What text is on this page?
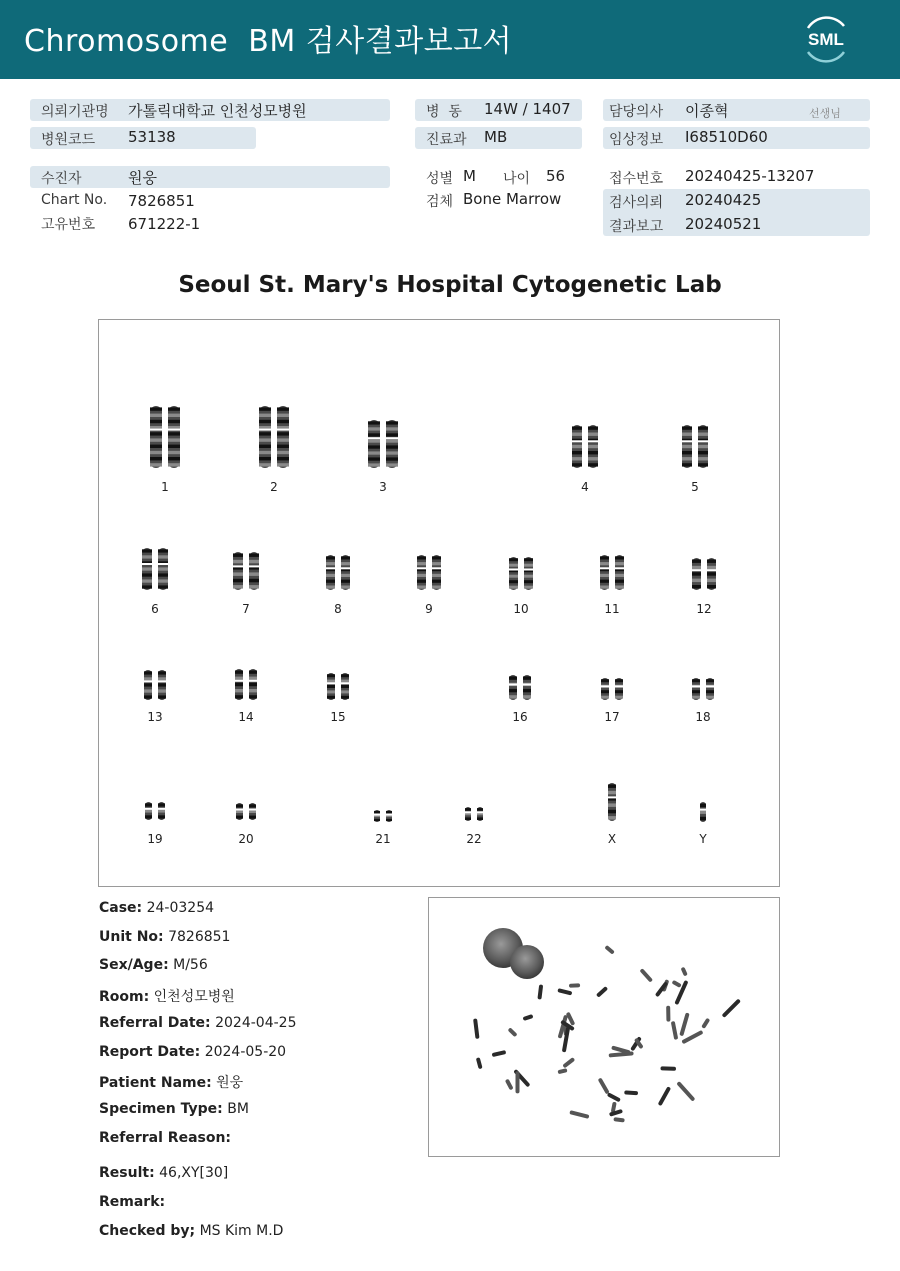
Chromosome  BM 검사결과보고서	SML
의뢰기관명 가톨릭대학교 인천성모병원
병원코드 53138
병  동 14W / 1407
진료과 MB
담당의사 이종혁	선생님
임상정보 I68510D60
수진자	원웅
Chart No. 7826851
고유번호 671222-1
성별 M 나이 56
검체 Bone Marrow
접수번호 20240425-13207
검사의뢰 20240425
결과보고 20240521
Seoul St. Mary's Hospital Cytogenetic Lab
1	2	3	4	5
6	7	8	9	10	11	12
13	14	15	16	17	18
19	20	21	22	X	Y
Case: 24-03254
Unit No: 7826851
Sex/Age: M/56
Room: 인천성모병원
Referral Date: 2024-04-25
Report Date: 2024-05-20
Patient Name: 원웅
Specimen Type: BM
Referral Reason:
Result: 46,XY[30]
Remark:
Checked by; MS Kim M.D
